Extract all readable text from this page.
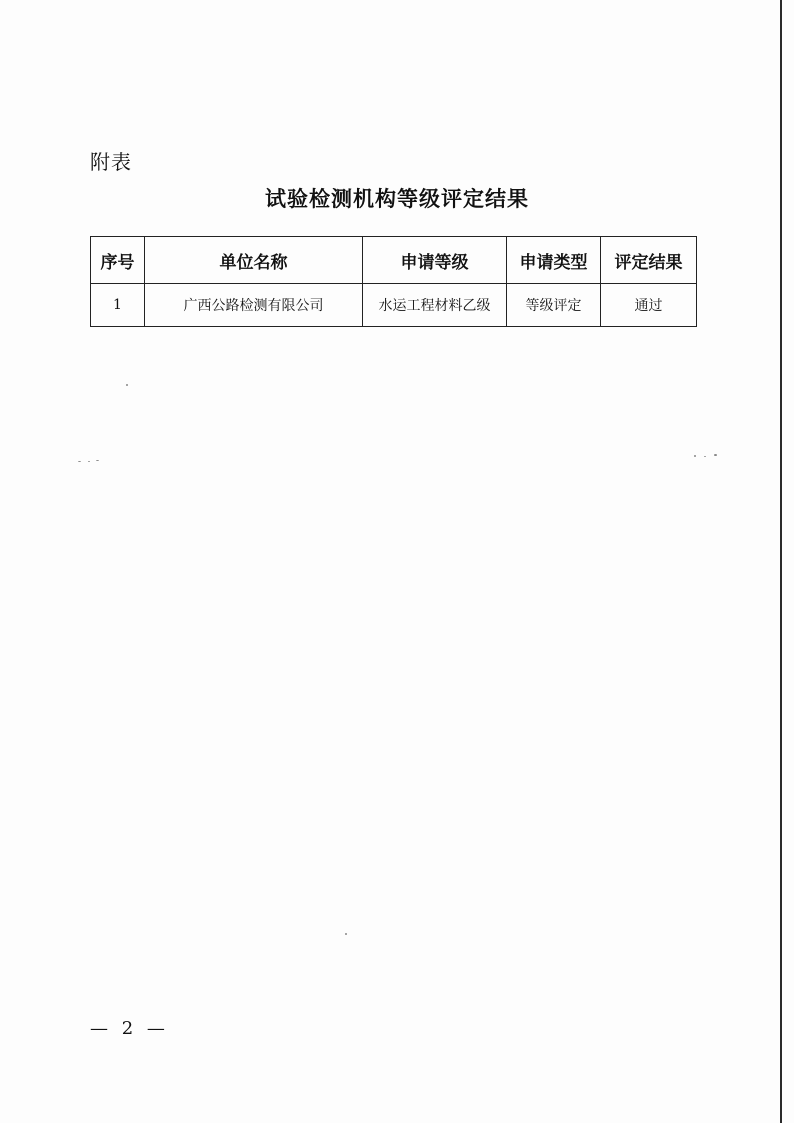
附表
试验检测机构等级评定结果
序号	单位名称	申请等级	申请类型	评定结果
1	广西公路检测有限公司	水运工程材料乙级	等级评定	通过
— 2 —
